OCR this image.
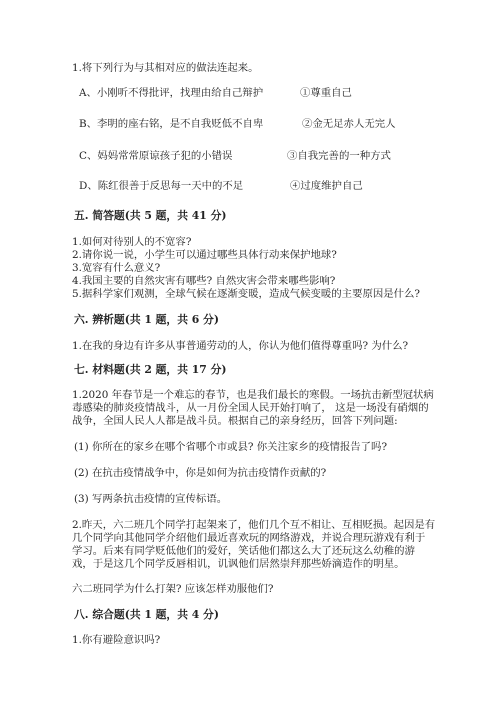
1.将下列行为与其相对应的做法连起来。
A、小刚听不得批评，找理由给自己辩护	①尊重自己
B、李明的座右铭，是不自我贬低不自卑	②金无足赤人无完人
C、妈妈常常原谅孩子犯的小错误	③自我完善的一种方式
D、陈红很善于反思每一天中的不足	④过度维护自己
五. 简答题(共 5 题，共 41 分)
1.如何对待别人的不宽容?
2.请你说一说，小学生可以通过哪些具体行动来保护地球?
3.宽容有什么意义?
4.我国主要的自然灾害有哪些? 自然灾害会带来哪些影响?
5.据科学家们观测，全球气候在逐渐变暖，造成气候变暖的主要原因是什么?
六. 辨析题(共 1 题，共 6 分)
1.在我的身边有许多从事普通劳动的人，你认为他们值得尊重吗? 为什么?
七. 材料题(共 2 题，共 17 分)
1.2020 年春节是一个难忘的春节，也是我们最长的寒假。一场抗击新型冠状病
毒感染的肺炎疫情战斗，从一月份全国人民开始打响了， 这是一场没有硝烟的
战争，全国人民人人都是战斗员。根据自己的亲身经历，回答下列问题:
(1) 你所在的家乡在哪个省哪个市或县? 你关注家乡的疫情报告了吗?
(2) 在抗击疫情战争中，你是如何为抗击疫情作贡献的?
(3) 写两条抗击疫情的宣传标语。
2.昨天，六二班几个同学打起架来了，他们几个互不相让、互相贬损。起因是有
几个同学向其他同学介绍他们最近喜欢玩的网络游戏，并说合理玩游戏有利于
学习。后来有同学贬低他们的爱好，笑话他们都这么大了还玩这么幼稚的游
戏，于是这几个同学反唇相讥，讥讽他们居然崇拜那些娇滴造作的明星。
六二班同学为什么打架? 应该怎样劝服他们?
八. 综合题(共 1 题，共 4 分)
1.你有避险意识吗?
